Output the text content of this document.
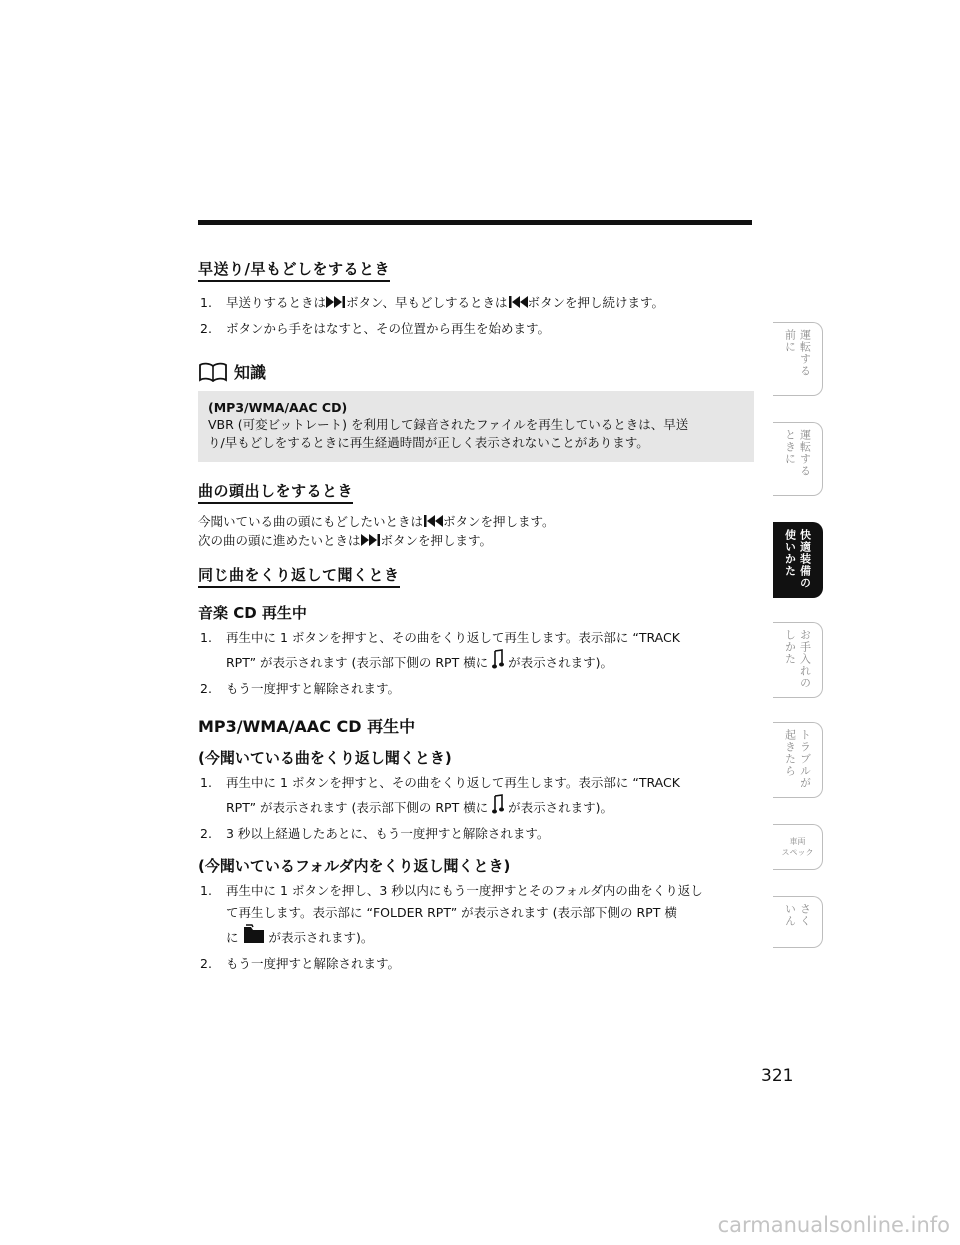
早送り/早もどしをするとき
1. 早送りするときは ボタン、早もどしするときは ボタンを押し続けます。
2. ボタンから手をはなすと、その位置から再生を始めます。
知識
(MP3/WMA/AAC CD)
VBR (可変ビットレート) を利用して録音されたファイルを再生しているときは、早送
り/早もどしをするときに再生経過時間が正しく表示されないことがあります。
曲の頭出しをするとき

今聞いている曲の頭にもどしたいときは ボタンを押します。

次の曲の頭に進めたいときは ボタンを押します。

同じ曲をくり返して聞くとき
音楽 CD 再生中
1. 再生中に 1 ボタンを押すと、その曲をくり返して再生します。表示部に “TRACK
RPT” が表示されます (表示部下側の RPT 横に が表示されます)。
2. もう一度押すと解除されます。
MP3/WMA/AAC CD 再生中
(今聞いている曲をくり返し聞くとき)
1. 再生中に 1 ボタンを押すと、その曲をくり返して再生します。表示部に “TRACK
RPT” が表示されます (表示部下側の RPT 横に が表示されます)。
2. 3 秒以上経過したあとに、もう一度押すと解除されます。
(今聞いているフォルダ内をくり返し聞くとき)
1. 再生中に 1 ボタンを押し、3 秒以内にもう一度押すとそのフォルダ内の曲をくり返し
て再生します。表示部に “FOLDER RPT” が表示されます (表示部下側の RPT 横
に が表示されます)。
2. もう一度押すと解除されます。
運転する
前に
運転する
ときに
快適装備の
使いかた
お手入れの
しかた
トラブルが
起きたら
車両
スペック
さく
いん
321
carmanualsonline.info
